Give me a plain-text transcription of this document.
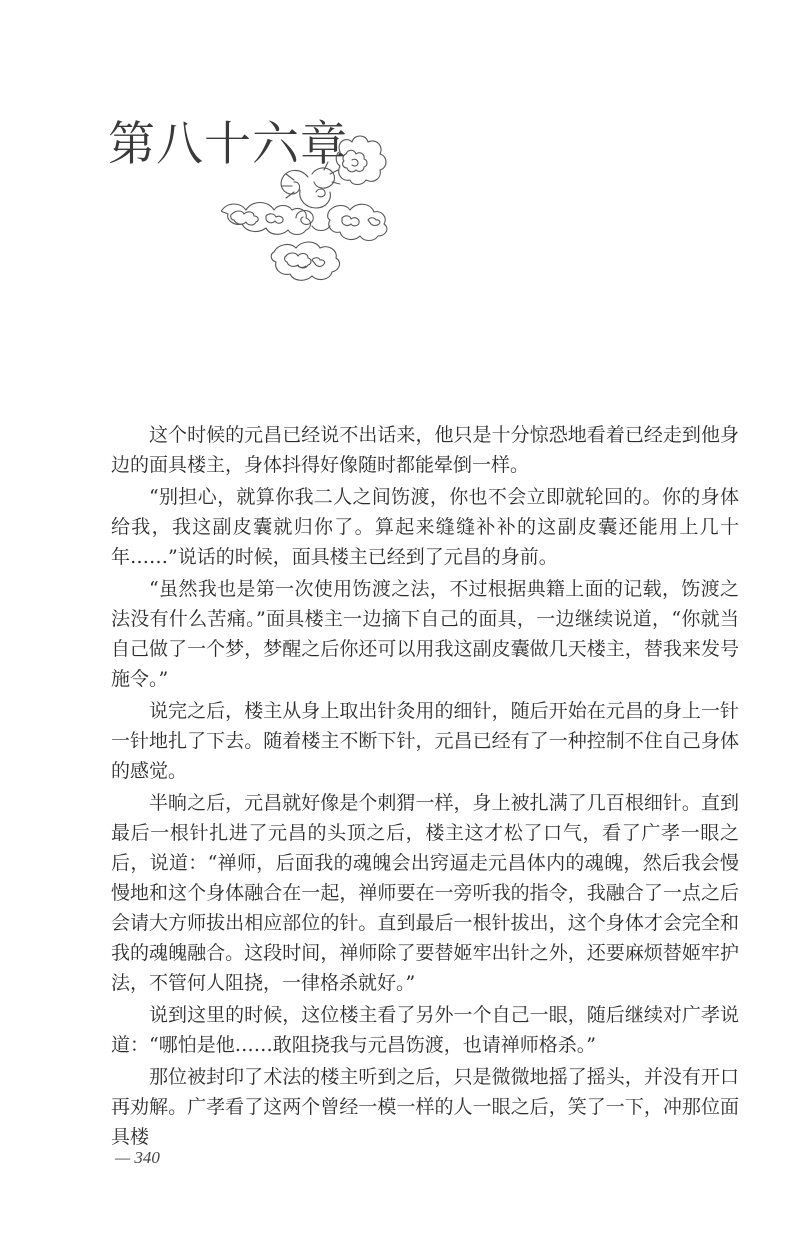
第八十六章

这个时候的元昌已经说不出话来，他只是十分惊恐地看着已经走到他身边的面具楼主，身体抖得好像随时都能晕倒一样。

“别担心，就算你我二人之间饬渡，你也不会立即就轮回的。你的身体给我，我这副皮囊就归你了。算起来缝缝补补的这副皮囊还能用上几十年……”说话的时候，面具楼主已经到了元昌的身前。

“虽然我也是第一次使用饬渡之法，不过根据典籍上面的记载，饬渡之法没有什么苦痛。”面具楼主一边摘下自己的面具，一边继续说道，“你就当自己做了一个梦，梦醒之后你还可以用我这副皮囊做几天楼主，替我来发号施令。”

说完之后，楼主从身上取出针灸用的细针，随后开始在元昌的身上一针一针地扎了下去。随着楼主不断下针，元昌已经有了一种控制不住自己身体的感觉。

半晌之后，元昌就好像是个刺猬一样，身上被扎满了几百根细针。直到最后一根针扎进了元昌的头顶之后，楼主这才松了口气，看了广孝一眼之后，说道：“禅师，后面我的魂魄会出窍逼走元昌体内的魂魄，然后我会慢慢地和这个身体融合在一起，禅师要在一旁听我的指令，我融合了一点之后会请大方师拔出相应部位的针。直到最后一根针拔出，这个身体才会完全和我的魂魄融合。这段时间，禅师除了要替姬牢出针之外，还要麻烦替姬牢护法，不管何人阻挠，一律格杀就好。”

说到这里的时候，这位楼主看了另外一个自己一眼，随后继续对广孝说道：“哪怕是他……敢阻挠我与元昌饬渡，也请禅师格杀。”

那位被封印了术法的楼主听到之后，只是微微地摇了摇头，并没有开口再劝解。广孝看了这两个曾经一模一样的人一眼之后，笑了一下，冲那位面具楼

— 340
